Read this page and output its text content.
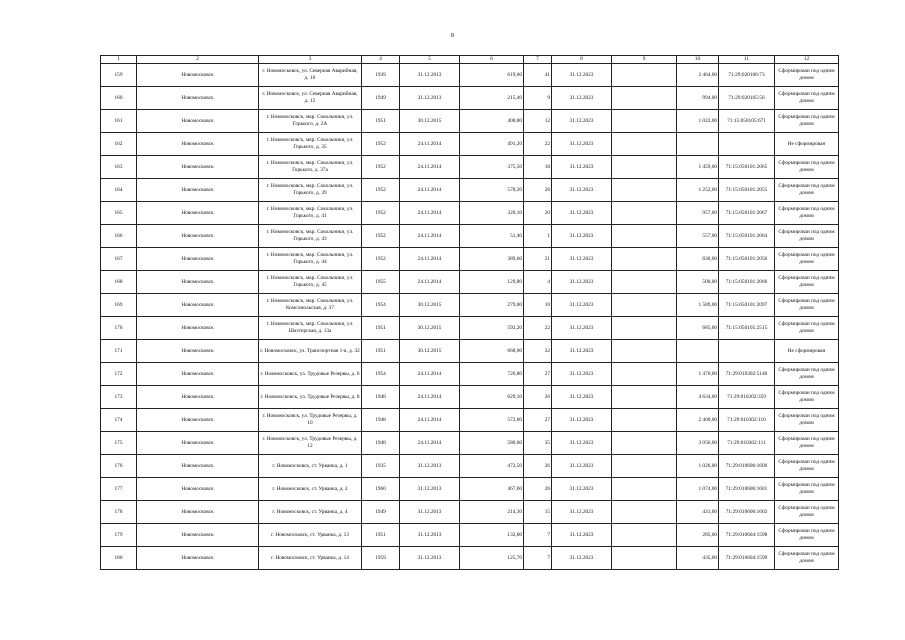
8
1	2	3	4	5	6	7	8	9	10	11	12
159	Новомосковск	г. Новомосковск, ул. Северная Аварийная, д. 10	1939	31.12.2013	619,60	41	31.12.2023		2 464,00	71:29:020106:73	Сформирован под одним домом
160	Новомосковск	г. Новомосковск, ул. Северная Аварийная, д. 12	1949	31.12.2013	215,40	9	31.12.2023		994,00	71:29:020105:56	Сформирован под одним домом
161	Новомосковск	г. Новомосковск, мкр. Сокольники, ул. Горького, д. 2А	1951	30.12.2015	400,80	12	31.12.2023		1 022,00	71:15:050105:671	Сформирован под одним домом
162	Новомосковск	г. Новомосковск, мкр. Сокольники, ул. Горького, д. 35	1952	24.11.2014	491,20	22	31.12.2023				Не сформирован
163	Новомосковск	г. Новомосковск, мкр. Сокольники, ул. Горького, д. 37а	1952	24.11.2014	375,50	18	31.12.2023		1 459,00	71:15:050101:2065	Сформирован под одним домом
164	Новомосковск	г. Новомосковск, мкр. Сокольники, ул. Горького, д. 39	1952	24.11.2014	578,20	26	31.12.2023		1 252,00	71:15:050101:2055	Сформирован под одним домом
165	Новомосковск	г. Новомосковск, мкр. Сокольники, ул. Горького, д. 41	1952	24.11.2014	320,10	20	31.12.2023		957,00	71:15:050101:2067	Сформирован под одним домом
166	Новомосковск	г. Новомосковск, мкр. Сокольники, ул. Горького, д. 43	1952	24.11.2014	51,40	1	31.12.2023		557,00	71:15:050101:2064	Сформирован под одним домом
167	Новомосковск	г. Новомосковск, мкр. Сокольники, ул. Горького, д. 44	1952	24.11.2014	389,60	21	31.12.2023		830,00	71:15:050101:2056	Сформирован под одним домом
168	Новомосковск	г. Новомосковск, мкр. Сокольники, ул. Горького, д. 45	1955	24.11.2014	129,80	4	31.12.2023		500,00	71:15:050101:2066	Сформирован под одним домом
169	Новомосковск	г. Новомосковск, мкр. Сокольники, ул. Комсомольская, д. 37	1954	30.12.2015	279,00	10	31.12.2023		1 589,00	71:15:050101:2097	Сформирован под одним домом
170	Новомосковск	г. Новомосковск, мкр. Сокольники, ул. Шахтерская, д. 13а	1951	30.12.2015	592,20	22	31.12.2023		685,00	71:15:050105:2515	Сформирован под одним домом
171	Новомосковск	г. Новомосковск, ул. Транспортная 1-я, д. 32	1951	30.12.2015	668,00	32	31.12.2023				Не сформирован
172	Новомосковск	г. Новомосковск, ул. Трудовые Резервы, д. 6	1954	24.11.2014	726,80	27	31.12.2023		1 470,00	71:29:010302:5140	Сформирован под одним домом
173	Новомосковск	г. Новомосковск, ул. Трудовые Резервы, д. 8	1948	24.11.2014	629,10	26	31.12.2023		4 634,00	71:29:010302:359	Сформирован под одним домом
174	Новомосковск	г. Новомосковск, ул. Трудовые Резервы, д. 10	1948	24.11.2014	572,60	27	31.12.2023		2 400,00	71:29:010302:110	Сформирован под одним домом
175	Новомосковск	г. Новомосковск, ул. Трудовые Резервы, д. 12	1948	24.11.2014	580,60	35	31.12.2023		3 056,00	71:29:010302:111	Сформирован под одним домом
176	Новомосковск	г. Новомосковск, ст. Урванка, д. 1	1935	31.12.2013	472,50	26	31.12.2023		1 026,00	71:29:010606:1600	Сформирован под одним домом
177	Новомосковск	г. Новомосковск, ст. Урванка, д. 2	1960	31.12.2013	467,60	26	31.12.2023		1 074,00	71:29:010606:1601	Сформирован под одним домом
178	Новомосковск	г. Новомосковск, ст. Урванка, д. 4	1949	31.12.2013	214,30	15	31.12.2023		431,00	71:29:010606:1602	Сформирован под одним домом
179	Новомосковск	г. Новомосковск, ст. Урванка, д. 13	1951	31.12.2013	132,80	7	31.12.2023		285,00	71:29:010604:1598	Сформирован под одним домом
180	Новомосковск	г. Новомосковск, ст. Урванка, д. 14	1959	31.12.2013	125,70	7	31.12.2023		435,00	71:29:010604:1599	Сформирован под одним домом
